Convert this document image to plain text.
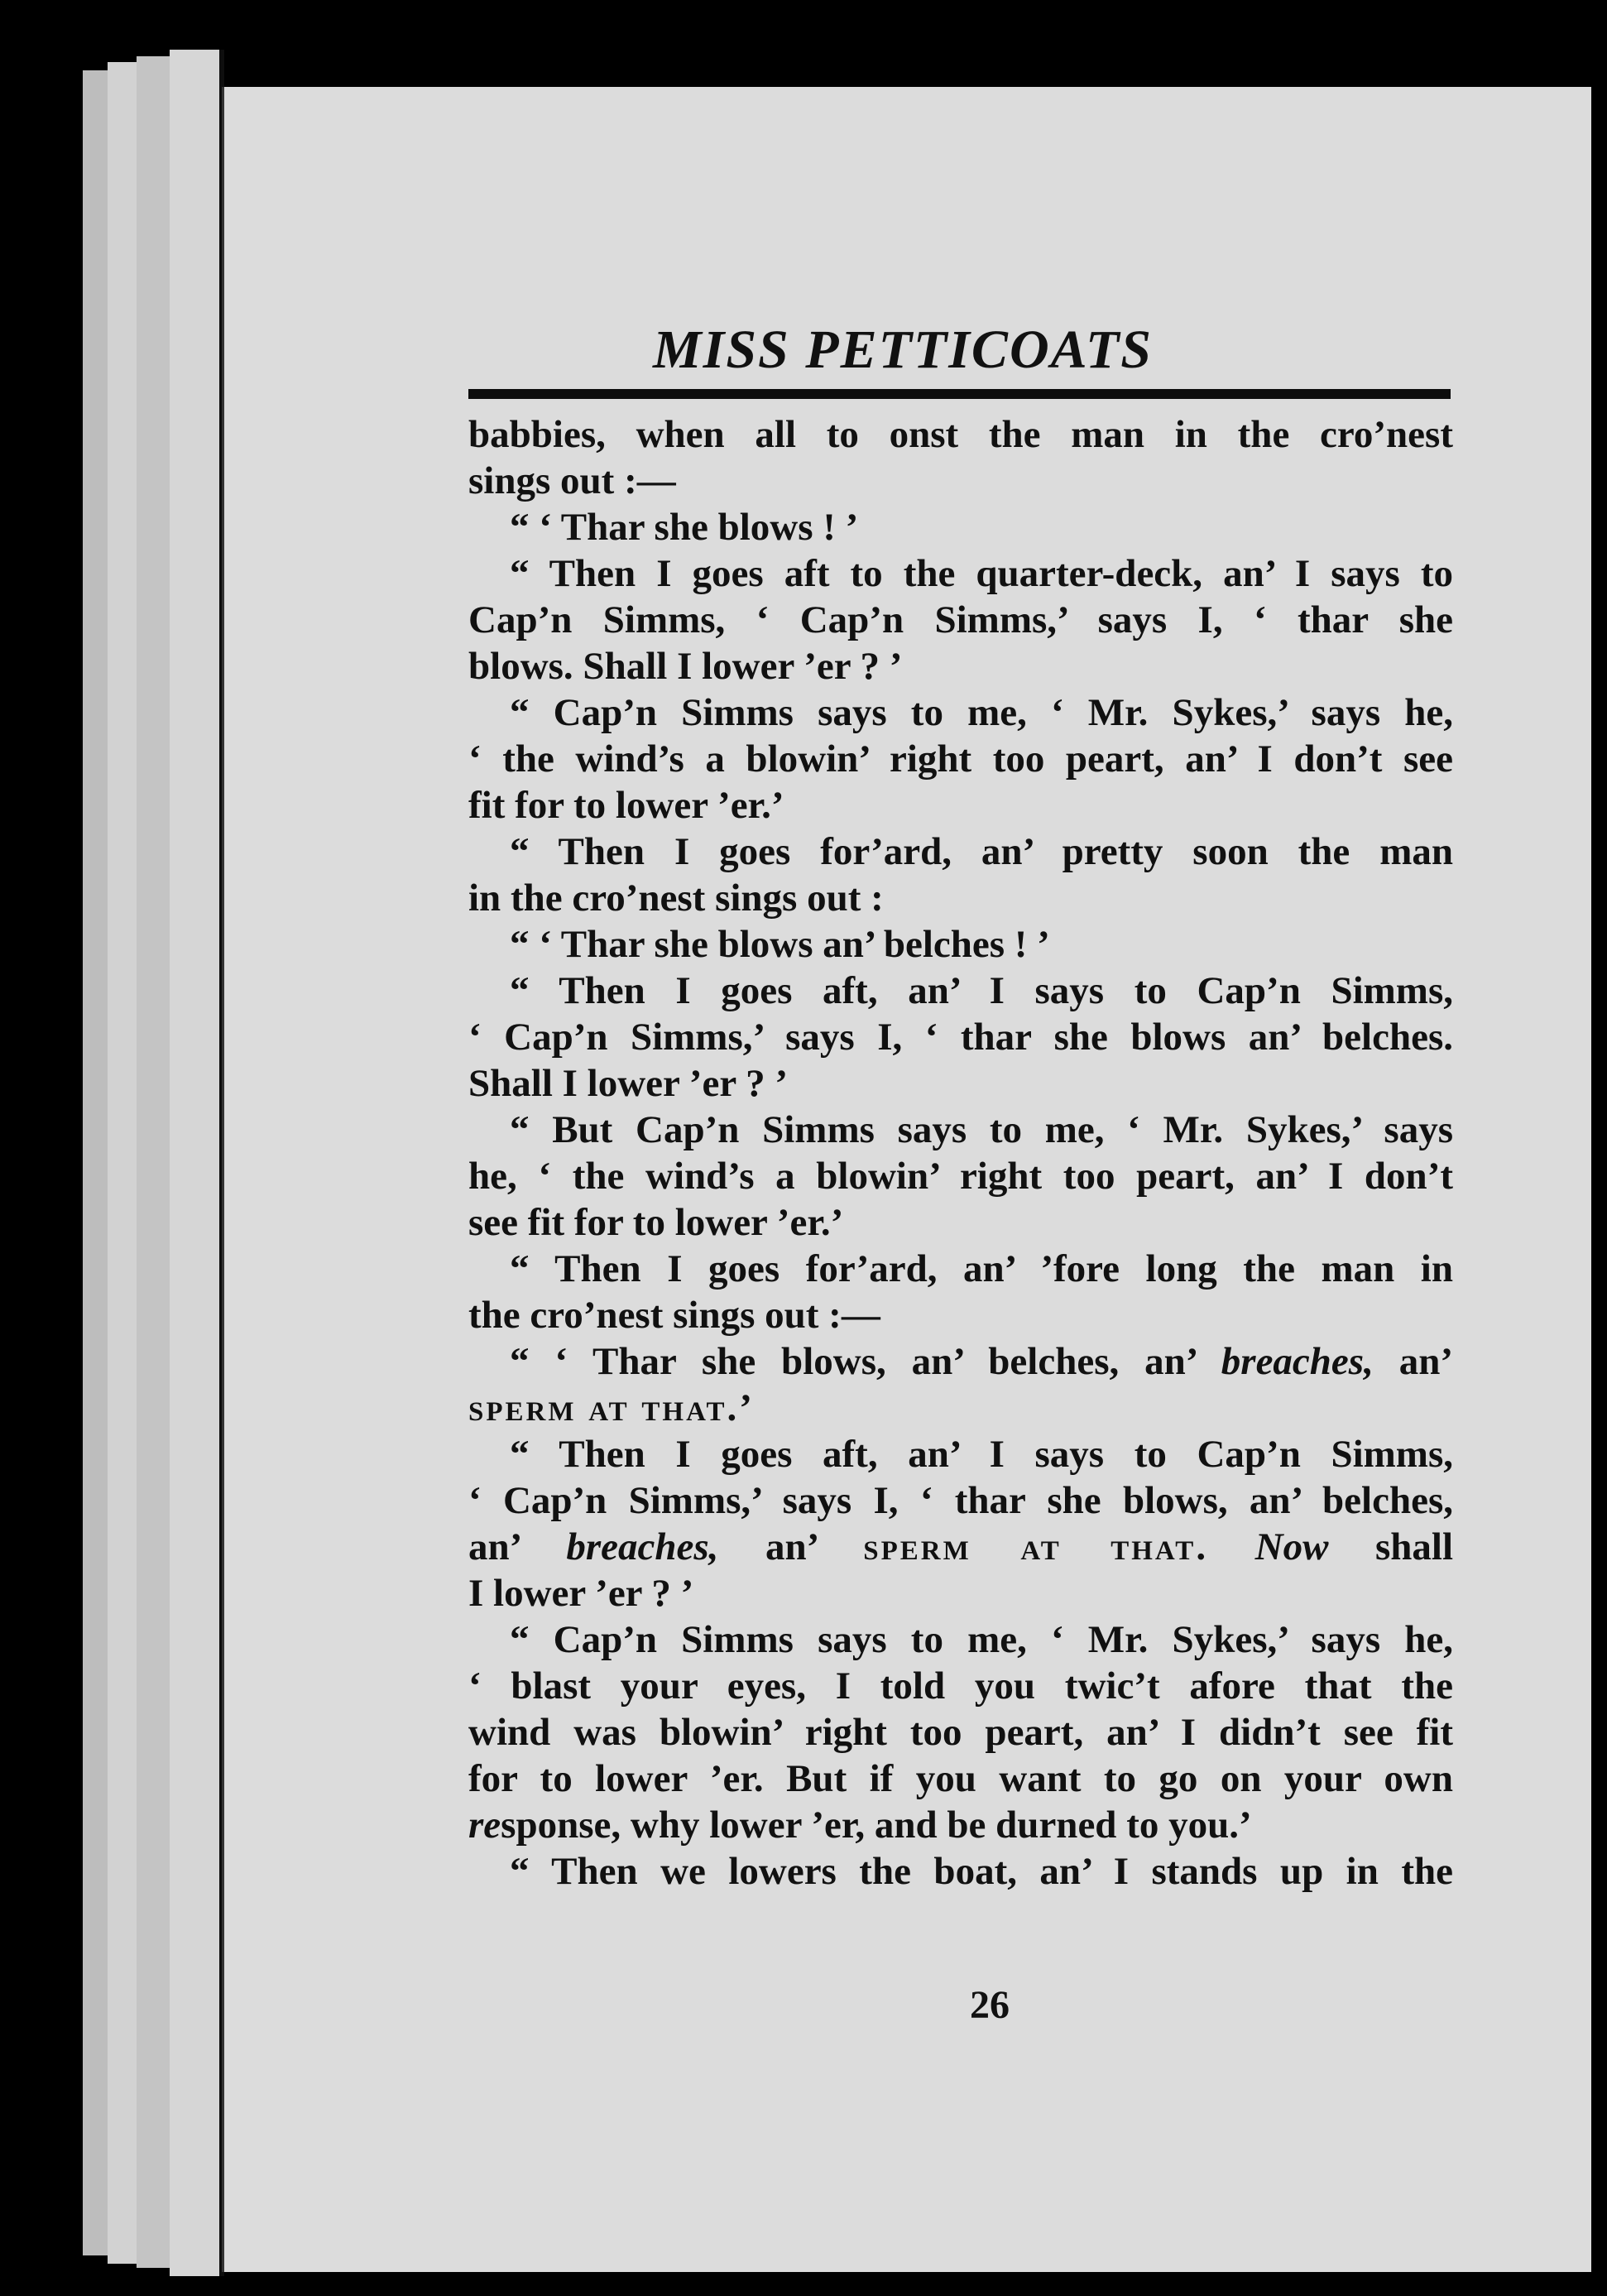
MISS PETTICOATS
babbies, when all to onst the man in the cro’nest
sings out :—
“ ‘ Thar she blows ! ’
“ Then I goes aft to the quarter-deck, an’ I says to
Cap’n Simms, ‘ Cap’n Simms,’ says I, ‘ thar she
blows. Shall I lower ’er ? ’
“ Cap’n Simms says to me, ‘ Mr. Sykes,’ says he,
‘ the wind’s a blowin’ right too peart, an’ I don’t see
fit for to lower ’er.’
“ Then I goes for’ard, an’ pretty soon the man
in the cro’nest sings out :
“ ‘ Thar she blows an’ belches ! ’
“ Then I goes aft, an’ I says to Cap’n Simms,
‘ Cap’n Simms,’ says I, ‘ thar she blows an’ belches.
Shall I lower ’er ? ’
“ But Cap’n Simms says to me, ‘ Mr. Sykes,’ says
he, ‘ the wind’s a blowin’ right too peart, an’ I don’t
see fit for to lower ’er.’
“ Then I goes for’ard, an’ ’fore long the man in
the cro’nest sings out :—
“ ‘ Thar she blows, an’ belches, an’ breaches, an’
sperm at that.’
“ Then I goes aft, an’ I says to Cap’n Simms,
‘ Cap’n Simms,’ says I, ‘ thar she blows, an’ belches,
an’ breaches, an’ sperm at that. Now shall
I lower ’er ? ’
“ Cap’n Simms says to me, ‘ Mr. Sykes,’ says he,
‘ blast your eyes, I told you twic’t afore that the
wind was blowin’ right too peart, an’ I didn’t see fit
for to lower ’er. But if you want to go on your own
response, why lower ’er, and be durned to you.’
“ Then we lowers the boat, an’ I stands up in the
26
